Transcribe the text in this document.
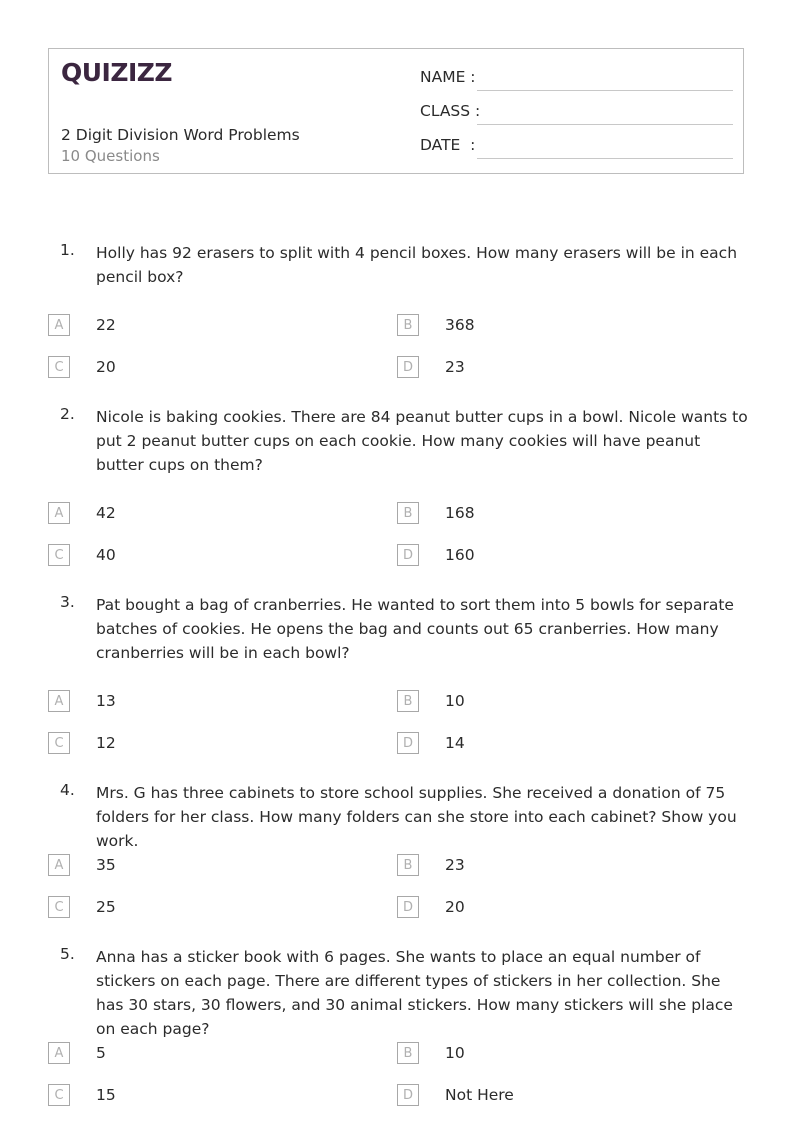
QUIZIZZ
2 Digit Division Word Problems
10 Questions
NAME :
CLASS :
DATE  :
1. Holly has 92 erasers to split with 4 pencil boxes. How many erasers will be in each pencil box?
A	22	B	368
C	20	D	23
2. Nicole is baking cookies. There are 84 peanut butter cups in a bowl. Nicole wants to put 2 peanut butter cups on each cookie. How many cookies will have peanut butter cups on them?
A	42	B	168
C	40	D	160
3. Pat bought a bag of cranberries. He wanted to sort them into 5 bowls for separate batches of cookies. He opens the bag and counts out 65 cranberries. How many cranberries will be in each bowl?
A	13	B	10
C	12	D	14
4. Mrs. G has three cabinets to store school supplies. She received a donation of 75 folders for her class. How many folders can she store into each cabinet? Show you work.
A	35	B	23
C	25	D	20
5. Anna has a sticker book with 6 pages. She wants to place an equal number of stickers on each page. There are different types of stickers in her collection. She has 30 stars, 30 flowers, and 30 animal stickers. How many stickers will she place on each page?
A	5	B	10
C	15	D	Not Here
